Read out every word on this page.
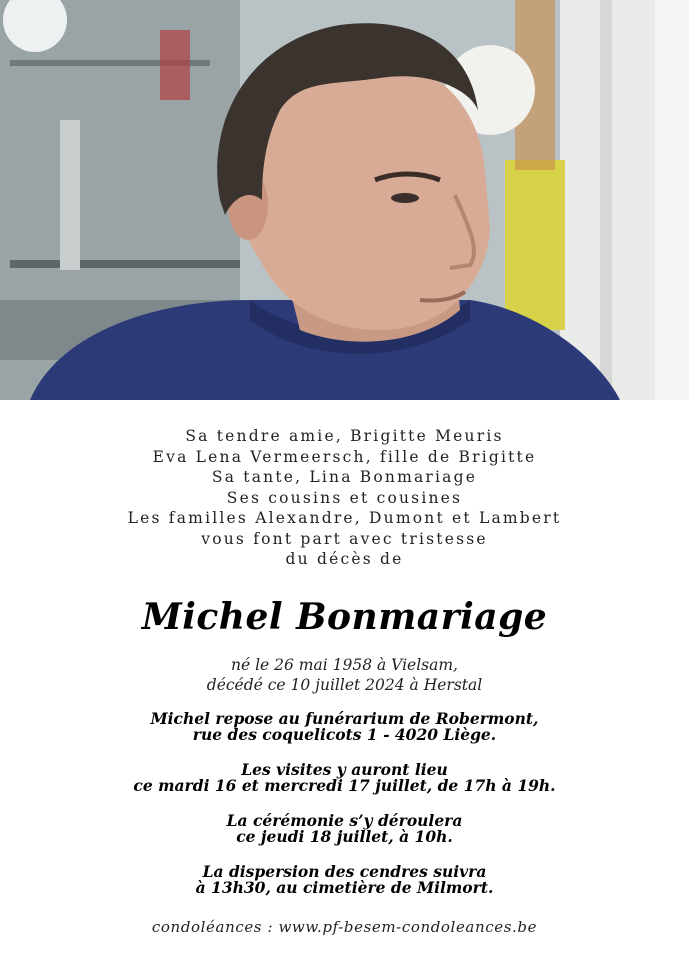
Sa tendre amie, Brigitte Meuris
Eva Lena Vermeersch, fille de Brigitte
Sa tante, Lina Bonmariage
Ses cousins et cousines
Les familles Alexandre, Dumont et Lambert
vous font part avec tristesse
du décès de
Michel Bonmariage
né le 26 mai 1958 à Vielsam,
décédé ce 10 juillet 2024 à Herstal
Michel repose au funérarium de Robermont,
rue des coquelicots 1 - 4020 Liège.
Les visites y auront lieu
ce mardi 16 et mercredi 17 juillet, de 17h à 19h.
La cérémonie s’y déroulera
ce jeudi 18 juillet, à 10h.
La dispersion des cendres suivra
à 13h30, au cimetière de Milmort.
condoléances : www.pf-besem-condoleances.be
